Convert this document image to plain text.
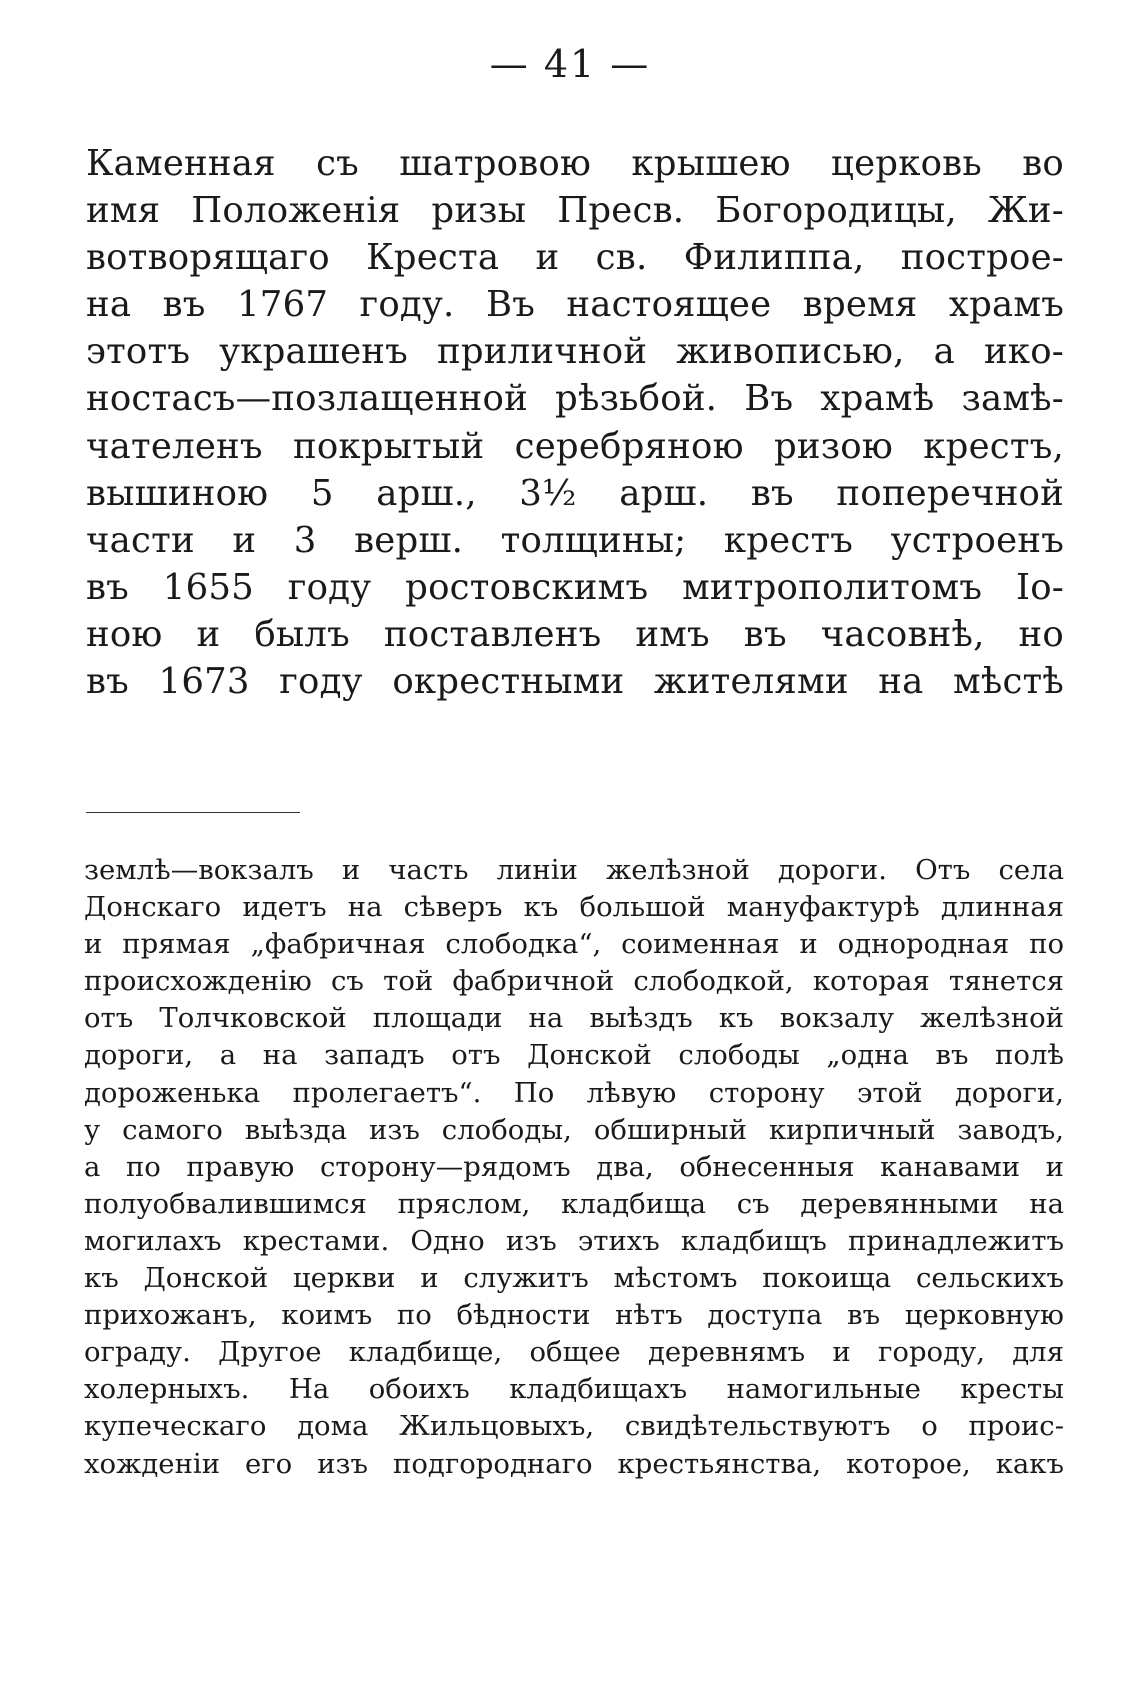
— 41 —
Каменная съ шатровою крышею церковь во
имя Положенія ризы Пресв. Богородицы, Жи-
вотворящаго Креста и св. Филиппа, построе-
на въ 1767 году. Въ настоящее время храмъ
этотъ украшенъ приличной живописью, а ико-
ностасъ—позлащенной рѣзьбой. Въ храмѣ замѣ-
чателенъ покрытый серебряною ризою крестъ,
вышиною 5 арш., 3½ арш. въ поперечной
части и 3 верш. толщины; крестъ устроенъ
въ 1655 году ростовскимъ митрополитомъ Іо-
ною и былъ поставленъ имъ въ часовнѣ, но
въ 1673 году окрестными жителями на мѣстѣ
землѣ—вокзалъ и часть линіи желѣзной дороги. Отъ села
Донскаго идетъ на сѣверъ къ большой мануфактурѣ длинная
и прямая „фабричная слободка“, соименная и однородная по
происхожденію съ той фабричной слободкой, которая тянется
отъ Толчковской площади на выѣздъ къ вокзалу желѣзной
дороги, а на западъ отъ Донской слободы „одна въ полѣ
дороженька пролегаетъ“. По лѣвую сторону этой дороги,
у самого выѣзда изъ слободы, обширный кирпичный заводъ,
а по правую сторону—рядомъ два, обнесенныя канавами и
полуобвалившимся пряслом, кладбища съ деревянными на
могилахъ крестами. Одно изъ этихъ кладбищъ принадлежитъ
къ Донской церкви и служитъ мѣстомъ покоища сельскихъ
прихожанъ, коимъ по бѣдности нѣтъ доступа въ церковную
ограду. Другое кладбище, общее деревнямъ и городу, для
холерныхъ. На обоихъ кладбищахъ намогильные кресты
купеческаго дома Жильцовыхъ, свидѣтельствуютъ о проис-
хожденіи его изъ подгороднаго крестьянства, которое, какъ
